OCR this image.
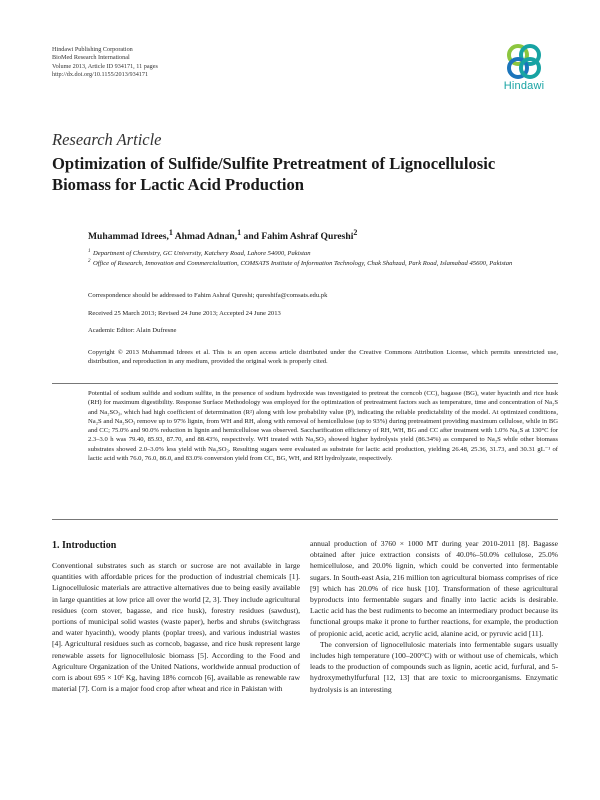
Hindawi Publishing Corporation
BioMed Research International
Volume 2013, Article ID 934171, 11 pages
http://dx.doi.org/10.1155/2013/934171
Hindawi
Research Article
Optimization of Sulfide/Sulfite Pretreatment of Lignocellulosic Biomass for Lactic Acid Production
Muhammad Idrees,$^1$ Ahmad Adnan,$^1$ and Fahim Ashraf Qureshi$^2$
1 Department of Chemistry, GC University, Katchery Road, Lahore 54000, Pakistan
2 Office of Research, Innovation and Commercialization, COMSATS Institute of Information Technology, Chak Shahzad, Park Road, Islamabad 45600, Pakistan
Correspondence should be addressed to Fahim Ashraf Qureshi; qureshifa@comsats.edu.pk
Received 25 March 2013; Revised 24 June 2013; Accepted 24 June 2013
Academic Editor: Alain Dufresne
Copyright © 2013 Muhammad Idrees et al. This is an open access article distributed under the Creative Commons Attribution License, which permits unrestricted use, distribution, and reproduction in any medium, provided the original work is properly cited.
Potential of sodium sulfide and sodium sulfite, in the presence of sodium hydroxide was investigated to pretreat the corncob (CC), bagasse (BG), water hyacinth and rice husk (RH) for maximum digestibility. Response Surface Methodology was employed for the optimization of pretreatment factors such as temperature, time and concentration of Na₂S and Na₂SO₃, which had high coefficient of determination (R²) along with low probability value (P), indicating the reliable predictability of the model. At optimized conditions, Na₂S and Na₂SO₃ remove up to 97% lignin, from WH and RH, along with removal of hemicellulose (up to 93%) during pretreatment providing maximum cellulose, while in BG and CC; 75.0% and 90.0% reduction in lignin and hemicellulose was observed. Saccharification efficiency of RH, WH, BG and CC after treatment with 1.0% Na₂S at 130°C for 2.3–3.0 h was 79.40, 85.93, 87.70, and 88.43%, respectively. WH treated with Na₂SO₃ showed higher hydrolysis yield (86.34%) as compared to Na₂S while other biomass substrates showed 2.0–3.0% less yield with Na₂SO₃. Resulting sugars were evaluated as substrate for lactic acid production, yielding 26.48, 25.36, 31.73, and 30.31 gL⁻¹ of lactic acid with 76.0, 76.0, 86.0, and 83.0% conversion yield from CC, BG, WH, and RH hydrolyzate, respectively.
1. Introduction

Conventional substrates such as starch or sucrose are not available in large quantities with affordable prices for the production of industrial chemicals [1]. Lignocellulosic materials are attractive alternatives due to being easily available in large quantities at low price all over the world [2, 3]. They include agricultural residues (corn stover, bagasse, and rice husk), forestry residues (sawdust), portions of municipal solid wastes (waste paper), herbs and shrubs (switchgrass and water hyacinth), woody plants (poplar trees), and various industrial wastes [4]. Agricultural residues such as corncob, bagasse, and rice husk represent large renewable assets for lignocellulosic biomass [5]. According to the Food and Agriculture Organization of the United Nations, worldwide annual production of corn is about 695 × 10⁶ Kg, having 18% corncob [6], available as renewable raw material [7]. Corn is a major food crop after wheat and rice in Pakistan with

annual production of 3760 × 1000 MT during year 2010-2011 [8]. Bagasse obtained after juice extraction consists of 40.0%–50.0% cellulose, 25.0% hemicellulose, and 20.0% lignin, which could be converted into fermentable sugars. In South-east Asia, 216 million ton agricultural biomass comprises of rice [9] which has 20.0% of rice husk [10]. Transformation of these agricultural byproducts into fermentable sugars and finally into lactic acids is desirable. Lactic acid has the best rudiments to become an intermediary product because its functional groups make it prone to further reactions, for example, the production of propionic acid, acetic acid, acrylic acid, alanine acid, or pyruvic acid [11].

The conversion of lignocellulosic materials into fermentable sugars usually includes high temperature (100–200°C) with or without use of chemicals, which leads to the production of compounds such as lignin, acetic acid, furfural, and 5-hydroxymethylfurfural [12, 13] that are toxic to microorganisms. Enzymatic hydrolysis is an interesting
